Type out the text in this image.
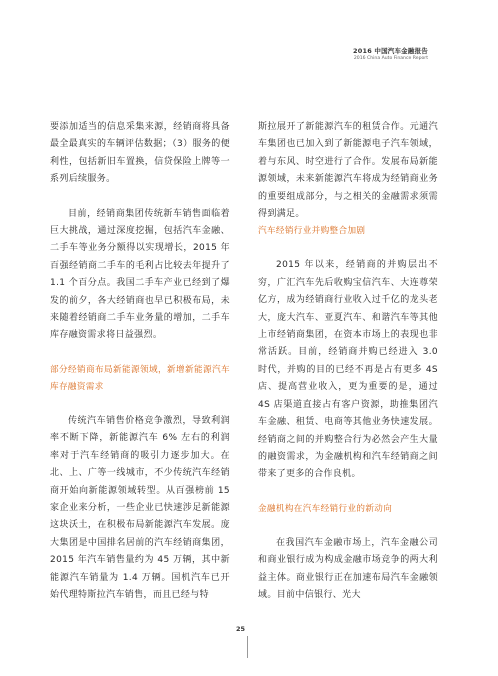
2016 中国汽车金融报告
2016 China Auto Finance Report

要添加适当的信息采集来源，经销商将具备最全最真实的车辆评估数据；（3）服务的便利性，包括新旧车置换，信贷保险上牌等一系列后续服务。

目前，经销商集团传统新车销售面临着巨大挑战，通过深度挖掘，包括汽车金融、二手车等业务分额得以实现增长，2015 年百强经销商二手车的毛利占比较去年提升了 1.1 个百分点。我国二手车产业已经到了爆发的前夕，各大经销商也早已积极布局，未来随着经销商二手车业务量的增加，二手车库存融资需求将日益强烈。

部分经销商布局新能源领域，新增新能源汽车库存融资需求

传统汽车销售价格竞争激烈，导致利润率不断下降，新能源汽车 6% 左右的利润率对于汽车经销商的吸引力逐步加大。在北、上、广等一线城市，不少传统汽车经销商开始向新能源领域转型。从百强榜前 15 家企业来分析，一些企业已快速涉足新能源这块沃土，在积极布局新能源汽车发展。庞大集团是中国排名居前的汽车经销商集团，2015 年汽车销售量约为 45 万辆，其中新能源汽车销量为 1.4 万辆。国机汽车已开始代理特斯拉汽车销售，而且已经与特

斯拉展开了新能源汽车的租赁合作。元通汽车集团也已加入到了新能源电子汽车领域，着与东风、时空进行了合作。发展布局新能源领域，未来新能源汽车将成为经销商业务的重要组成部分，与之相关的金融需求须需得到满足。

汽车经销行业并购整合加剧

2015 年以来，经销商的并购层出不穷，广汇汽车先后收购宝信汽车、大连尊荣亿方，成为经销商行业收入过千亿的龙头老大，庞大汽车、亚夏汽车、和谐汽车等其他上市经销商集团，在资本市场上的表现也非常活跃。目前，经销商并购已经进入 3.0 时代，并购的目的已经不再是占有更多 4S 店、提高营业收入，更为重要的是，通过 4S 店渠道直接占有客户资源，助推集团汽车金融、租赁、电商等其他业务快速发展。经销商之间的并购整合行为必然会产生大量的融资需求，为金融机构和汽车经销商之间带来了更多的合作良机。

金融机构在汽车经销行业的新动向

在我国汽车金融市场上，汽车金融公司和商业银行成为构成金融市场竞争的两大利益主体。商业银行正在加速布局汽车金融领域。目前中信银行、光大

25
